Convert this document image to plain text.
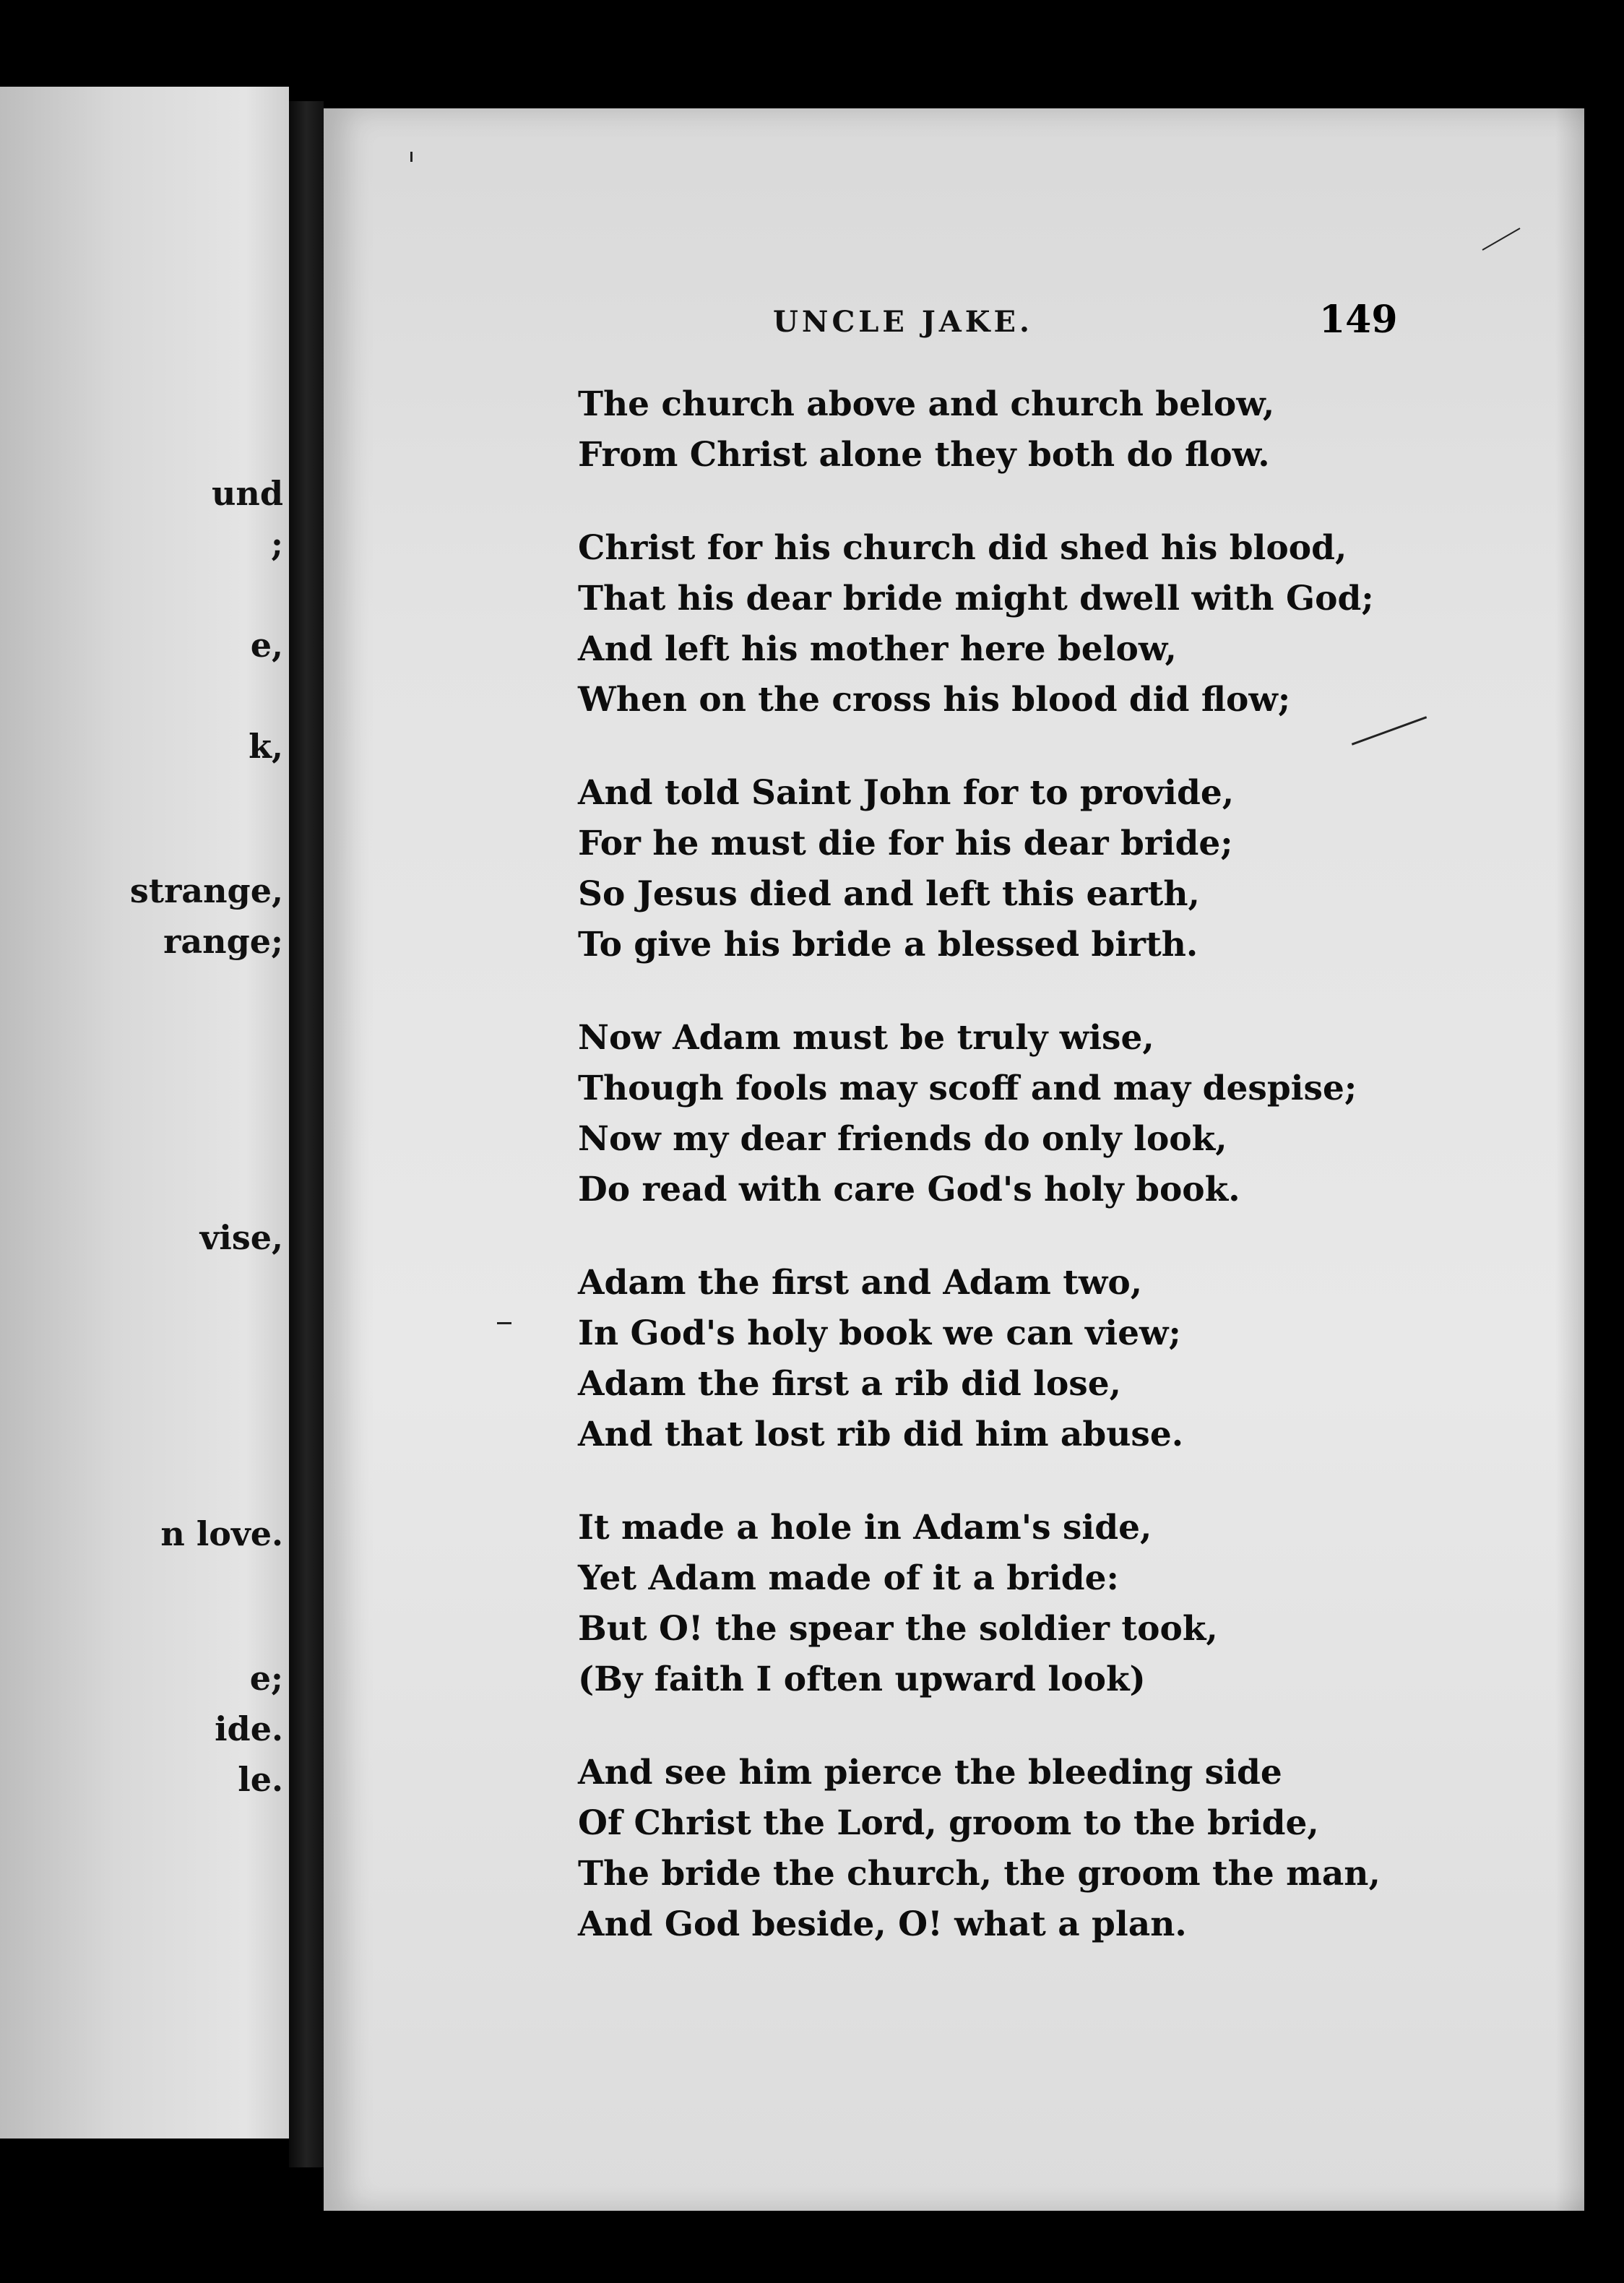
und
;
e,
k,
strange,
range;
vise,
n love.
e;
ide.
le.
UNCLE JAKE.	149
The church above and church below,
From Christ alone they both do flow.
Christ for his church did shed his blood,
That his dear bride might dwell with God;
And left his mother here below,
When on the cross his blood did flow;
And told Saint John for to provide,
For he must die for his dear bride;
So Jesus died and left this earth,
To give his bride a blessed birth.
Now Adam must be truly wise,
Though fools may scoff and may despise;
Now my dear friends do only look,
Do read with care God's holy book.
Adam the first and Adam two,
In God's holy book we can view;
Adam the first a rib did lose,
And that lost rib did him abuse.
It made a hole in Adam's side,
Yet Adam made of it a bride:
But O! the spear the soldier took,
(By faith I often upward look)
And see him pierce the bleeding side
Of Christ the Lord, groom to the bride,
The bride the church, the groom the man,
And God beside, O! what a plan.
